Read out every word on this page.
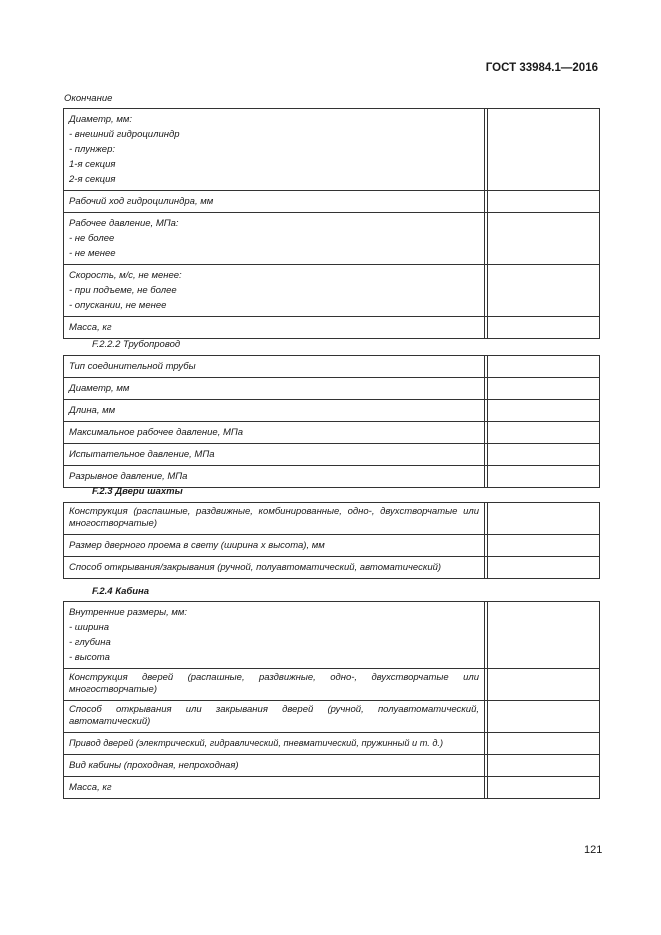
ГОСТ 33984.1—2016
Окончание
Диаметр, мм:
- внешний гидроцилиндр
- плунжер:
1-я секция
2-я секция	

Рабочий ход гидроцилиндра, мм	

Рабочее давление, МПа:
- не более
- не менее	

Скорость, м/с, не менее:
- при подъеме, не более
- опускании, не менее	

Масса, кг	

F.2.2.2 Трубопровод
Тип соединительной трубы	
Диаметр, мм	
Длина, мм	
Максимальное рабочее давление, МПа	
Испытательное давление, МПа	
Разрывное давление, МПа	
F.2.3 Двери шахты
Конструкция (распашные, раздвижные, комбинированные, одно-, двухстворчатые или многостворчатые)	
Размер дверного проема в свету (ширина х высота), мм	
Способ открывания/закрывания (ручной, полуавтоматический, автоматический)	
F.2.4 Кабина
Внутренние размеры, мм:
- ширина
- глубина
- высота	

Конструкция дверей (распашные, раздвижные, одно-, двухстворчатые или многостворчатые)	
Способ открывания или закрывания дверей (ручной, полуавтоматический, автоматический)	
Привод дверей (электрический, гидравлический, пневматический, пружинный и т. д.)	
Вид кабины (проходная, непроходная)	
Масса, кг	
121
